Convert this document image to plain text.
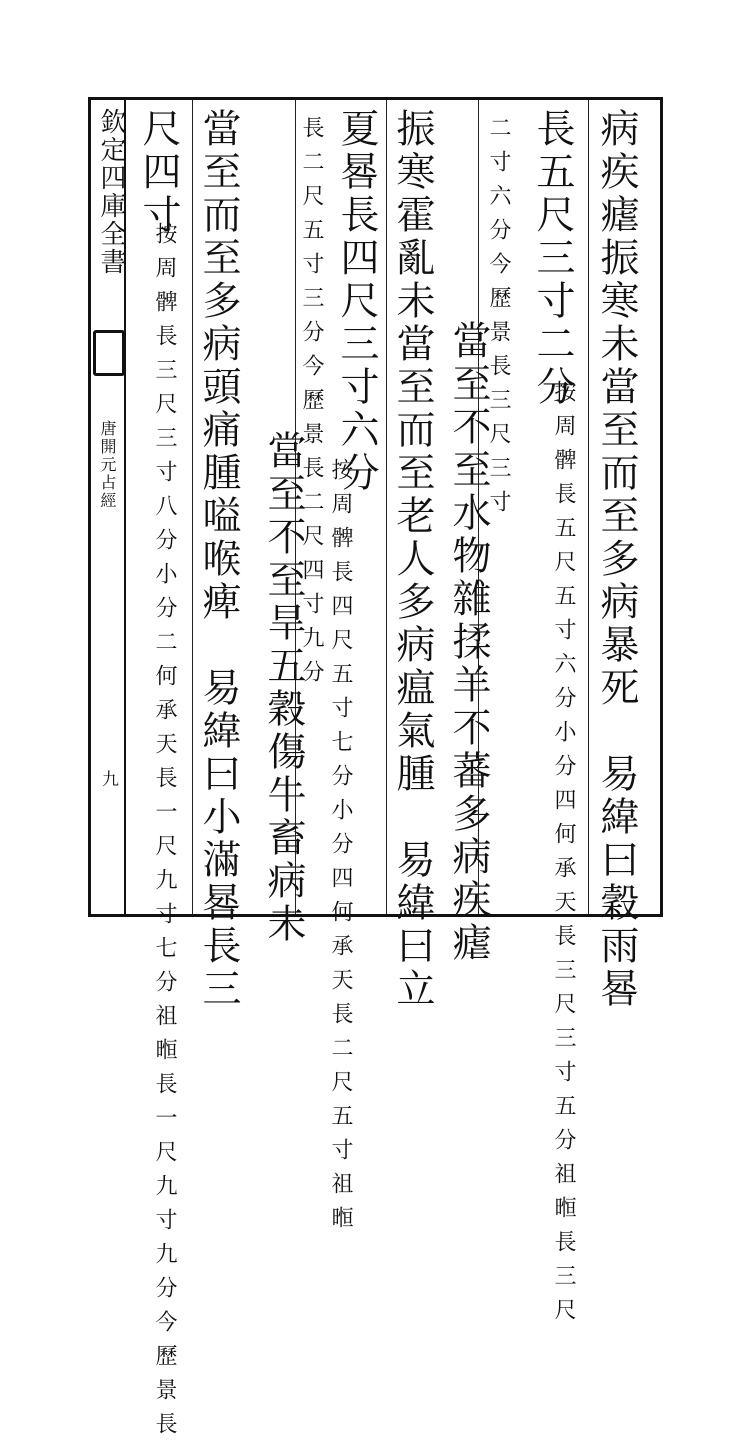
欽定四庫全書
唐開元占經
九	病疾瘧振寒未當至而至多病暴死　易緯曰穀雨晷
長五尺三寸二分
按周髀長五尺五寸六分小分四何承天長三尺三寸五分祖暅長三尺
二寸六分今歷景長三尺三寸
當至不至水物雜揉羊不蕃多病疾瘧
振寒霍亂未當至而至老人多病瘟氣腫　易緯曰立
夏晷長四尺三寸六分
按周髀長四尺五寸七分小分四何承天長二尺五寸祖暅
長二尺五寸三分今歷景長二尺四寸九分
當至不至旱五穀傷牛畜病未
當至而至多病頭痛腫嗌喉痺　易緯曰小滿晷長三
尺四寸
按周髀長三尺三寸八分小分二何承天長一尺九寸七分祖暅長一尺九寸九分今歷景長
